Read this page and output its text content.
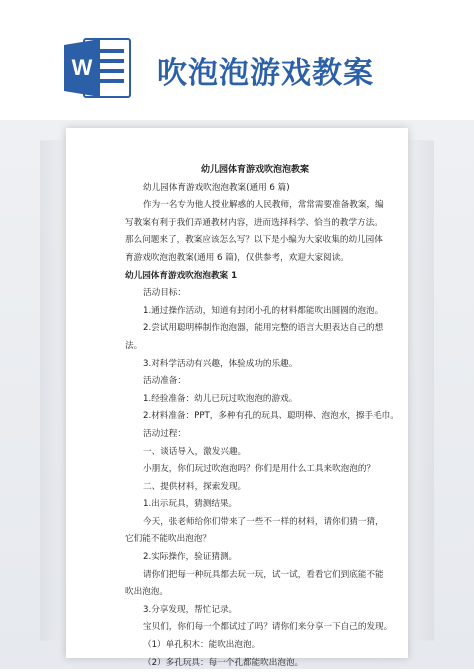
W 吹泡泡游戏教案
幼儿园体育游戏吹泡泡教案
幼儿园体育游戏吹泡泡教案(通用 6 篇)
作为一名专为他人授业解惑的人民教师，常常需要准备教案，编
写教案有利于我们弄通教材内容，进而选择科学、恰当的教学方法。
那么问题来了，教案应该怎么写？以下是小编为大家收集的幼儿园体
育游戏吹泡泡教案(通用 6 篇)，仅供参考，欢迎大家阅读。
幼儿园体育游戏吹泡泡教案 1
活动目标：
1.通过操作活动，知道有封闭小孔的材料都能吹出圆圆的泡泡。
2.尝试用聪明棒制作泡泡器，能用完整的语言大胆表达自己的想
法。
3.对科学活动有兴趣，体验成功的乐趣。
活动准备：
1.经验准备：幼儿已玩过吹泡泡的游戏。
2.材料准备：PPT，多种有孔的玩具、聪明棒、泡泡水，擦手毛巾。
活动过程：
一、谈话导入，激发兴趣。
小朋友，你们玩过吹泡泡吗？你们是用什么工具来吹泡泡的？
二、提供材料，探索发现。
1.出示玩具，猜测结果。
今天，张老师给你们带来了一些不一样的材料，请你们猜一猜，
它们能不能吹出泡泡？
2.实际操作，验证猜测。
请你们把每一种玩具都去玩一玩，试一试，看看它们到底能不能
吹出泡泡。
3.分享发现，帮忙记录。
宝贝们，你们每一个都试过了吗？请你们来分享一下自己的发现。
（1）单孔积木：能吹出泡泡。
（2）多孔玩具：每一个孔都能吹出泡泡。
